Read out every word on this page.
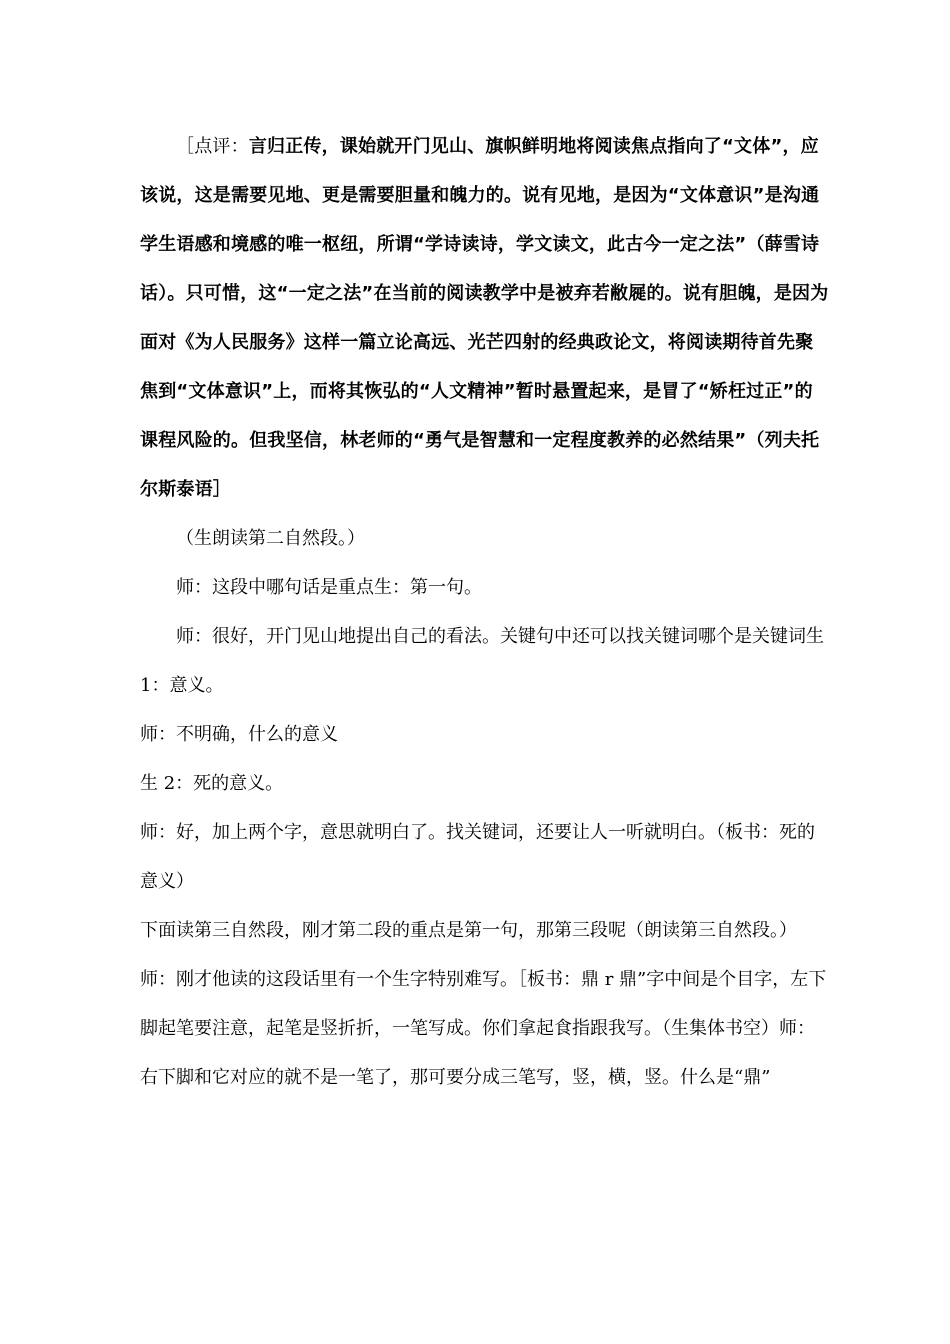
［点评：言归正传，课始就开门见山、旗帜鲜明地将阅读焦点指向了“文体”，应该说，这是需要见地、更是需要胆量和魄力的。说有见地，是因为“文体意识”是沟通学生语感和境感的唯一枢纽，所谓“学诗读诗，学文读文，此古今一定之法”（薛雪诗话）。只可惜，这“一定之法”在当前的阅读教学中是被弃若敝屣的。说有胆魄，是因为面对《为人民服务》这样一篇立论高远、光芒四射的经典政论文，将阅读期待首先聚焦到“文体意识”上，而将其恢弘的“人文精神”暂时悬置起来，是冒了“矫枉过正”的课程风险的。但我坚信，林老师的“勇气是智慧和一定程度教养的必然结果”（列夫托尔斯泰语］

（生朗读第二自然段。）

师：这段中哪句话是重点生：第一句。

师：很好，开门见山地提出自己的看法。关键句中还可以找关键词哪个是关键词生 1：意义。

师：不明确，什么的意义

生 2：死的意义。

师：好，加上两个字，意思就明白了。找关键词，还要让人一听就明白。（板书：死的意义）

下面读第三自然段，刚才第二段的重点是第一句，那第三段呢（朗读第三自然段。）

师：刚才他读的这段话里有一个生字特别难写。［板书：鼎 r 鼎”字中间是个目字，左下脚起笔要注意，起笔是竖折折，一笔写成。你们拿起食指跟我写。（生集体书空）师：右下脚和它对应的就不是一笔了，那可要分成三笔写，竖，横，竖。什么是“鼎”
